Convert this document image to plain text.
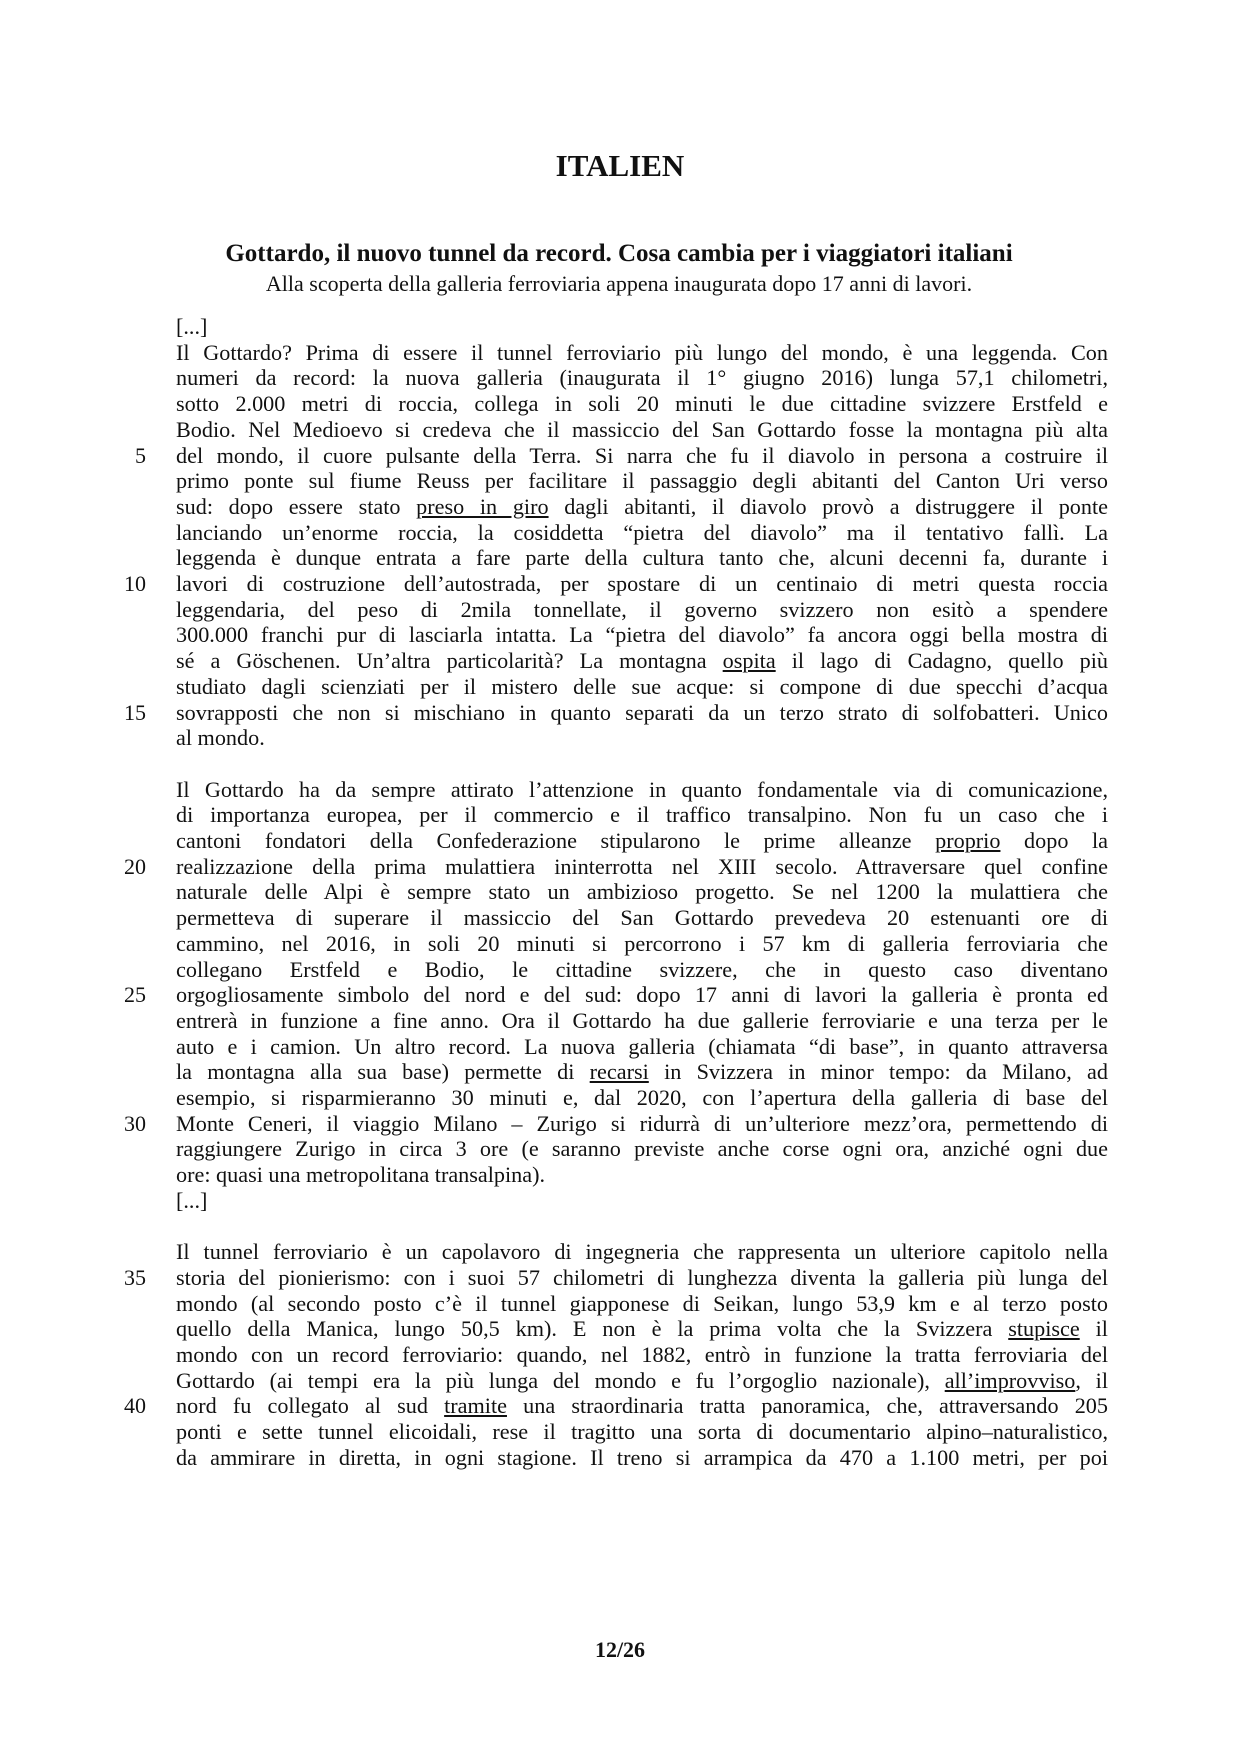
ITALIEN
Gottardo, il nuovo tunnel da record. Cosa cambia per i viaggiatori italiani

Alla scoperta della galleria ferroviaria appena inaugurata dopo 17 anni di lavori.

[...]
Il Gottardo? Prima di essere il tunnel ferroviario più lungo del mondo, è una leggenda. Con
numeri da record: la nuova galleria (inaugurata il 1° giugno 2016) lunga 57,1 chilometri,
sotto 2.000 metri di roccia, collega in soli 20 minuti le due cittadine svizzere Erstfeld e
Bodio. Nel Medioevo si credeva che il massiccio del San Gottardo fosse la montagna più alta
del mondo, il cuore pulsante della Terra. Si narra che fu il diavolo in persona a costruire il
primo ponte sul fiume Reuss per facilitare il passaggio degli abitanti del Canton Uri verso
sud: dopo essere stato preso in giro dagli abitanti, il diavolo provò a distruggere il ponte
lanciando un’enorme roccia, la cosiddetta “pietra del diavolo” ma il tentativo fallì. La
leggenda è dunque entrata a fare parte della cultura tanto che, alcuni decenni fa, durante i
lavori di costruzione dell’autostrada, per spostare di un centinaio di metri questa roccia
leggendaria, del peso di 2mila tonnellate, il governo svizzero non esitò a spendere
300.000 franchi pur di lasciarla intatta. La “pietra del diavolo” fa ancora oggi bella mostra di
sé a Göschenen. Un’altra particolarità? La montagna ospita il lago di Cadagno, quello più
studiato dagli scienziati per il mistero delle sue acque: si compone di due specchi d’acqua
sovrapposti che non si mischiano in quanto separati da un terzo strato di solfobatteri. Unico
al mondo.
Il Gottardo ha da sempre attirato l’attenzione in quanto fondamentale via di comunicazione,
di importanza europea, per il commercio e il traffico transalpino. Non fu un caso che i
cantoni fondatori della Confederazione stipularono le prime alleanze proprio dopo la
realizzazione della prima mulattiera ininterrotta nel XIII secolo. Attraversare quel confine
naturale delle Alpi è sempre stato un ambizioso progetto. Se nel 1200 la mulattiera che
permetteva di superare il massiccio del San Gottardo prevedeva 20 estenuanti ore di
cammino, nel 2016, in soli 20 minuti si percorrono i 57 km di galleria ferroviaria che
collegano Erstfeld e Bodio, le cittadine svizzere, che in questo caso diventano
orgogliosamente simbolo del nord e del sud: dopo 17 anni di lavori la galleria è pronta ed
entrerà in funzione a fine anno. Ora il Gottardo ha due gallerie ferroviarie e una terza per le
auto e i camion. Un altro record. La nuova galleria (chiamata “di base”, in quanto attraversa
la montagna alla sua base) permette di recarsi in Svizzera in minor tempo: da Milano, ad
esempio, si risparmieranno 30 minuti e, dal 2020, con l’apertura della galleria di base del
Monte Ceneri, il viaggio Milano – Zurigo si ridurrà di un’ulteriore mezz’ora, permettendo di
raggiungere Zurigo in circa 3 ore (e saranno previste anche corse ogni ora, anziché ogni due
ore: quasi una metropolitana transalpina).
[...]
Il tunnel ferroviario è un capolavoro di ingegneria che rappresenta un ulteriore capitolo nella
storia del pionierismo: con i suoi 57 chilometri di lunghezza diventa la galleria più lunga del
mondo (al secondo posto c’è il tunnel giapponese di Seikan, lungo 53,9 km e al terzo posto
quello della Manica, lungo 50,5 km). E non è la prima volta che la Svizzera stupisce il
mondo con un record ferroviario: quando, nel 1882, entrò in funzione la tratta ferroviaria del
Gottardo (ai tempi era la più lunga del mondo e fu l’orgoglio nazionale), all’improvviso, il
nord fu collegato al sud tramite una straordinaria tratta panoramica, che, attraversando 205
ponti e sette tunnel elicoidali, rese il tragitto una sorta di documentario alpino–naturalistico,
da ammirare in diretta, in ogni stagione. Il treno si arrampica da 470 a 1.100 metri, per poi
5
10
15
20
25
30
35
40
12/26
